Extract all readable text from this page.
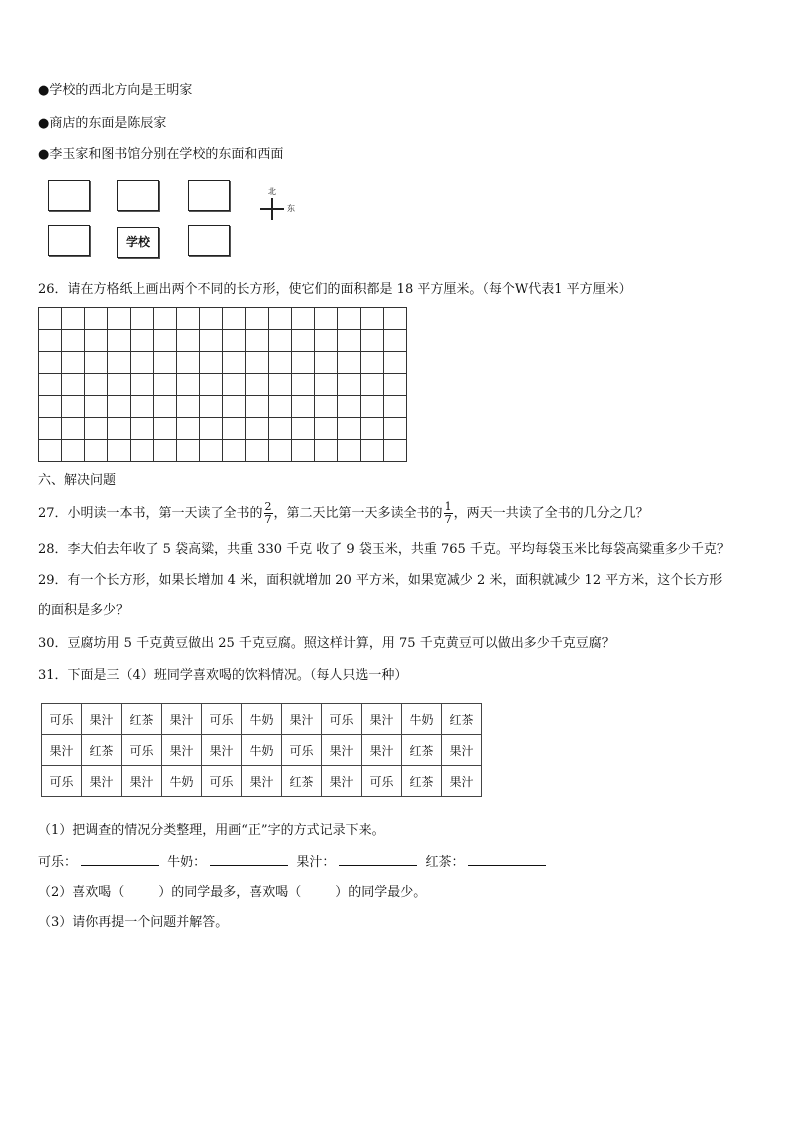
●学校的西北方向是王明家
●商店的东面是陈辰家
●李玉家和图书馆分别在学校的东面和西面
学校
北
东
26．请在方格纸上画出两个不同的长方形，使它们的面积都是 18 平方厘米。（每个W代表1 平方厘米）

六、解决问题
27．小明读一本书，第一天读了全书的 $\frac{2}{7}$ ，第二天比第一天多读全书的 $\frac{1}{7}$ ，两天一共读了全书的几分之几？
28．李大伯去年收了 5 袋高粱，共重 330 千克 收了 9 袋玉米，共重 765 千克。平均每袋玉米比每袋高粱重多少千克？
29．有一个长方形，如果长增加 4 米，面积就增加 20 平方米，如果宽减少 2 米，面积就减少 12 平方米，这个长方形
的面积是多少？
30．豆腐坊用 5 千克黄豆做出 25 千克豆腐。照这样计算，用 75 千克黄豆可以做出多少千克豆腐？
31．下面是三（4）班同学喜欢喝的饮料情况。（每人只选一种）
可乐	果汁	红茶	果汁	可乐	牛奶	果汁	可乐	果汁	牛奶	红茶
果汁	红茶	可乐	果汁	果汁	牛奶	可乐	果汁	果汁	红茶	果汁
可乐	果汁	果汁	牛奶	可乐	果汁	红茶	果汁	可乐	红茶	果汁
（1）把调查的情况分类整理，用画“正”字的方式记录下来。
可乐：	牛奶：	果汁：	红茶：
（2）喜欢喝（	）的同学最多，喜欢喝（	）的同学最少。
（3）请你再提一个问题并解答。
